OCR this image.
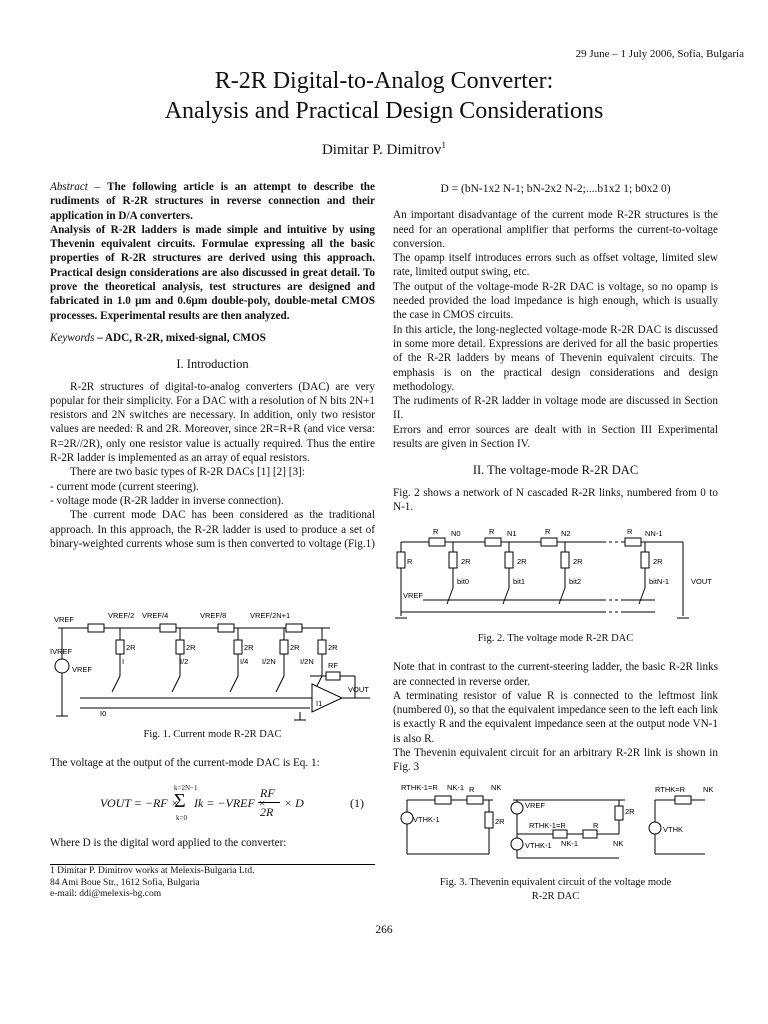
29 June – 1 July 2006, Sofia, Bulgaria
R-2R Digital-to-Analog Converter:
Analysis and Practical Design Considerations
Dimitar P. Dimitrov$^1$

Abstract – The following article is an attempt to describe the rudiments of R-2R structures in reverse connection and their application in D/A converters.

Analysis of R-2R ladders is made simple and intuitive by using Thevenin equivalent circuits. Formulae expressing all the basic properties of R-2R structures are derived using this approach. Practical design considerations are also discussed in great detail. To prove the theoretical analysis, test structures are designed and fabricated in 1.0 µm and 0.6µm double-poly, double-metal CMOS processes. Experimental results are then analyzed.

Keywords – ADC, R-2R, mixed-signal, CMOS

I. Introduction

R-2R structures of digital-to-analog converters (DAC) are very popular for their simplicity. For a DAC with a resolution of N bits 2N+1 resistors and 2N switches are necessary. In addition, only two resistor values are needed: R and 2R. Moreover, since 2R=R+R (and vice versa: R=2R//2R), only one resistor value is actually required. Thus the entire R-2R ladder is implemented as an array of equal resistors.

There are two basic types of R-2R DACs [1] [2] [3]:

- current mode (current steering).

- voltage mode (R-2R ladder in inverse connection).

The current mode DAC has been considered as the traditional approach. In this approach, the R-2R ladder is used to produce a set of binary-weighted currents whose sum is then converted to voltage (Fig.1)

VREF	VREF/2 VREF/4	VREF/8	VREF/2N+1
2R	2R	2R	2R	2R
I	I/2	I/4 I/2N	I/2N
IVREF
VREF
I0
I1
RF
VOUT

Fig. 1. Current mode R-2R DAC

The voltage at the output of the current-mode DAC is Eq. 1:

VOUT = −RF ×
k=2N−1
Σ
k=0
Ik = −VREF ×
RF
2R
× D	(1)

Where D is the digital word applied to the converter:

1 Dimitar P. Dimitrov works at Melexis-Bulgaria Ltd.
84 Ami Boue Str., 1612 Sofia, Bulgaria
e-mail: ddi@melexis-bg.com

D = (bN-1x2 N-1; bN-2x2 N-2;....b1x2 1; b0x2 0)

An important disadvantage of the current mode R-2R structures is the need for an operational amplifier that performs the current-to-voltage conversion.

The opamp itself introduces errors such as offset voltage, limited slew rate, limited output swing, etc.

The output of the voltage-mode R-2R DAC is voltage, so no opamp is needed provided the load impedance is high enough, which is usually the case in CMOS circuits.

In this article, the long-neglected voltage-mode R-2R DAC is discussed in some more detail. Expressions are derived for all the basic properties of the R-2R ladders by means of Thevenin equivalent circuits. The emphasis is on the practical design considerations and design methodology.

The rudiments of R-2R ladder in voltage mode are discussed in Section II.

Errors and error sources are dealt with in Section III Experimental results are given in Section IV.

II. The voltage-mode R-2R DAC

Fig. 2 shows a network of N cascaded R-2R links, numbered from 0 to N-1.

R N0	R N1	R N2	R NN-1
R	2R	2R	2R	2R
bit0	bit1	bit2	bitN-1
VREF
VOUT

Fig. 2. The voltage mode R-2R DAC

Note that in contrast to the current-steering ladder, the basic R-2R links are connected in reverse order.

A terminating resistor of value R is connected to the leftmost link (numbered 0), so that the equivalent impedance seen to the left each link is exactly R and the equivalent impedance seen at the output node VN-1 is also R.

The Thevenin equivalent circuit for an arbitrary R-2R link is shown in Fig. 3

RTHK-1=R NK-1 R NK
VTHK-1	2R
VREF
2R
RTHK-1=R	R
VTHK-1 NK-1	NK
RTHK=R NK
VTHK

Fig. 3. Thevenin equivalent circuit of the voltage mode

R-2R DAC

266
